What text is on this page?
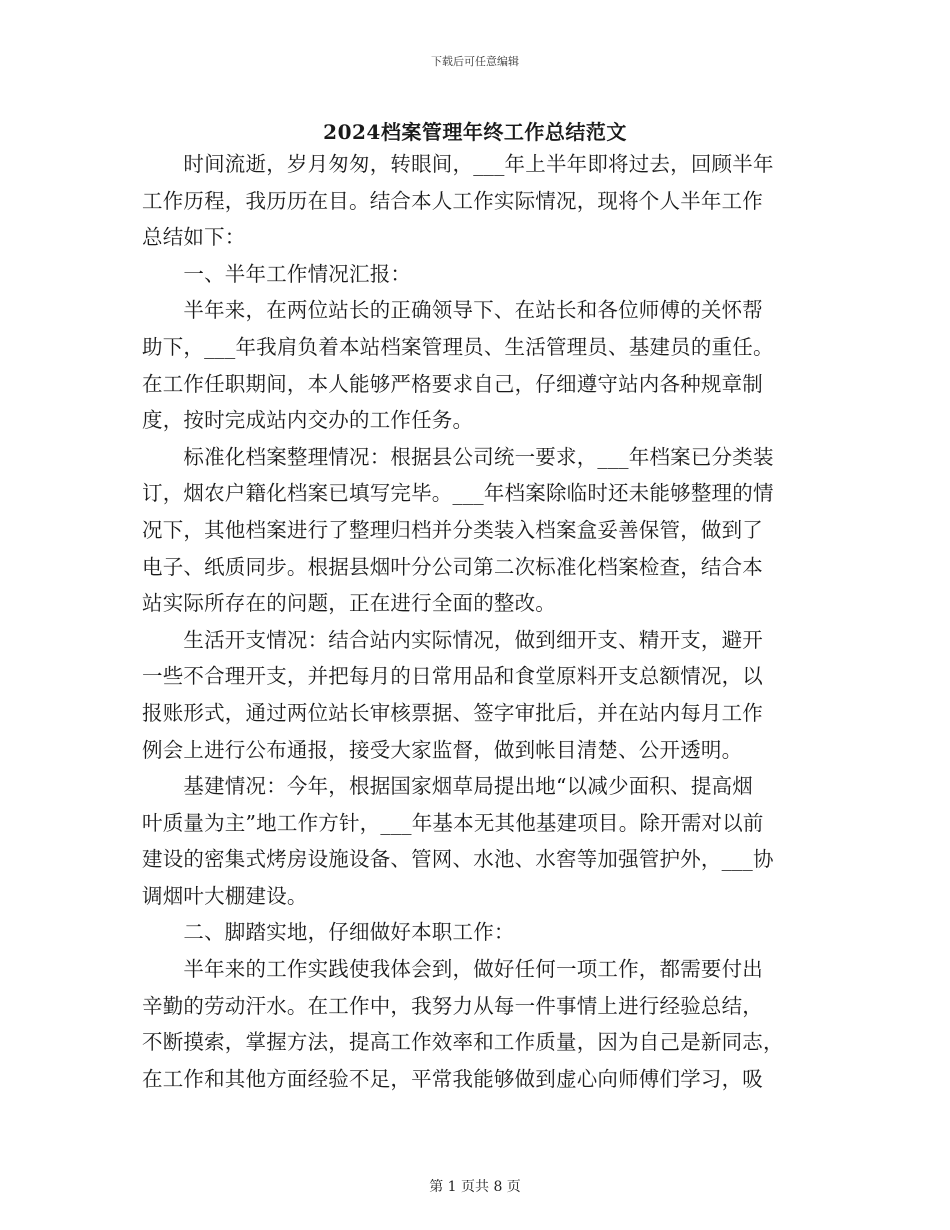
下载后可任意编辑
2024档案管理年终工作总结范文
　　时间流逝，岁月匆匆，转眼间，___年上半年即将过去，回顾半年
工作历程，我历历在目。结合本人工作实际情况，现将个人半年工作
总结如下：
　　一、半年工作情况汇报：
　　半年来，在两位站长的正确领导下、在站长和各位师傅的关怀帮
助下，___年我肩负着本站档案管理员、生活管理员、基建员的重任。
在工作任职期间，本人能够严格要求自己，仔细遵守站内各种规章制
度，按时完成站内交办的工作任务。
　　标准化档案整理情况：根据县公司统一要求，___年档案已分类装
订，烟农户籍化档案已填写完毕。___年档案除临时还未能够整理的情
况下，其他档案进行了整理归档并分类装入档案盒妥善保管，做到了
电子、纸质同步。根据县烟叶分公司第二次标准化档案检查，结合本
站实际所存在的问题，正在进行全面的整改。
　　生活开支情况：结合站内实际情况，做到细开支、精开支，避开
一些不合理开支，并把每月的日常用品和食堂原料开支总额情况，以
报账形式，通过两位站长审核票据、签字审批后，并在站内每月工作
例会上进行公布通报，接受大家监督，做到帐目清楚、公开透明。
　　基建情况：今年，根据国家烟草局提出地“以减少面积、提高烟
叶质量为主”地工作方针，___年基本无其他基建项目。除开需对以前
建设的密集式烤房设施设备、管网、水池、水窖等加强管护外，___协
调烟叶大棚建设。
　　二、脚踏实地，仔细做好本职工作：
　　半年来的工作实践使我体会到，做好任何一项工作，都需要付出
辛勤的劳动汗水。在工作中，我努力从每一件事情上进行经验总结，
不断摸索，掌握方法，提高工作效率和工作质量，因为自己是新同志，
在工作和其他方面经验不足，平常我能够做到虚心向师傅们学习，吸
第 1 页共 8 页
